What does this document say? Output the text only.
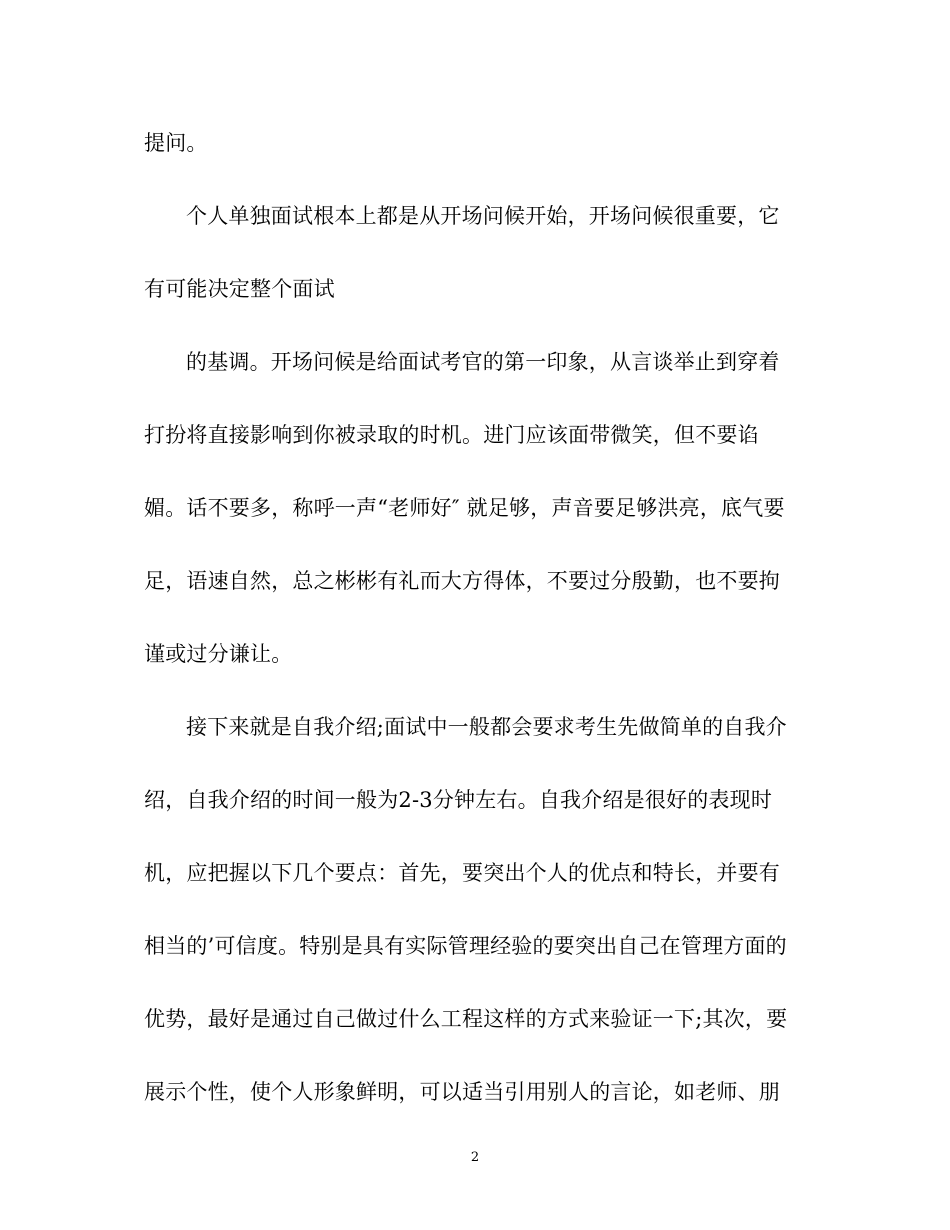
提问。
个人单独面试根本上都是从开场问候开始，开场问候很重要，它
有可能决定整个面试
的基调。开场问候是给面试考官的第一印象，从言谈举止到穿着
打扮将直接影响到你被录取的时机。进门应该面带微笑，但不要谄
媚。话不要多，称呼一声“老师好″ 就足够，声音要足够洪亮，底气要
足，语速自然，总之彬彬有礼而大方得体，不要过分殷勤，也不要拘
谨或过分谦让。
接下来就是自我介绍;面试中一般都会要求考生先做简单的自我介
绍，自我介绍的时间一般为2-3分钟左右。自我介绍是很好的表现时
机，应把握以下几个要点：首先，要突出个人的优点和特长，并要有
相当的’可信度。特别是具有实际管理经验的要突出自己在管理方面的
优势，最好是通过自己做过什么工程这样的方式来验证一下;其次，要
展示个性，使个人形象鲜明，可以适当引用别人的言论，如老师、朋
2
